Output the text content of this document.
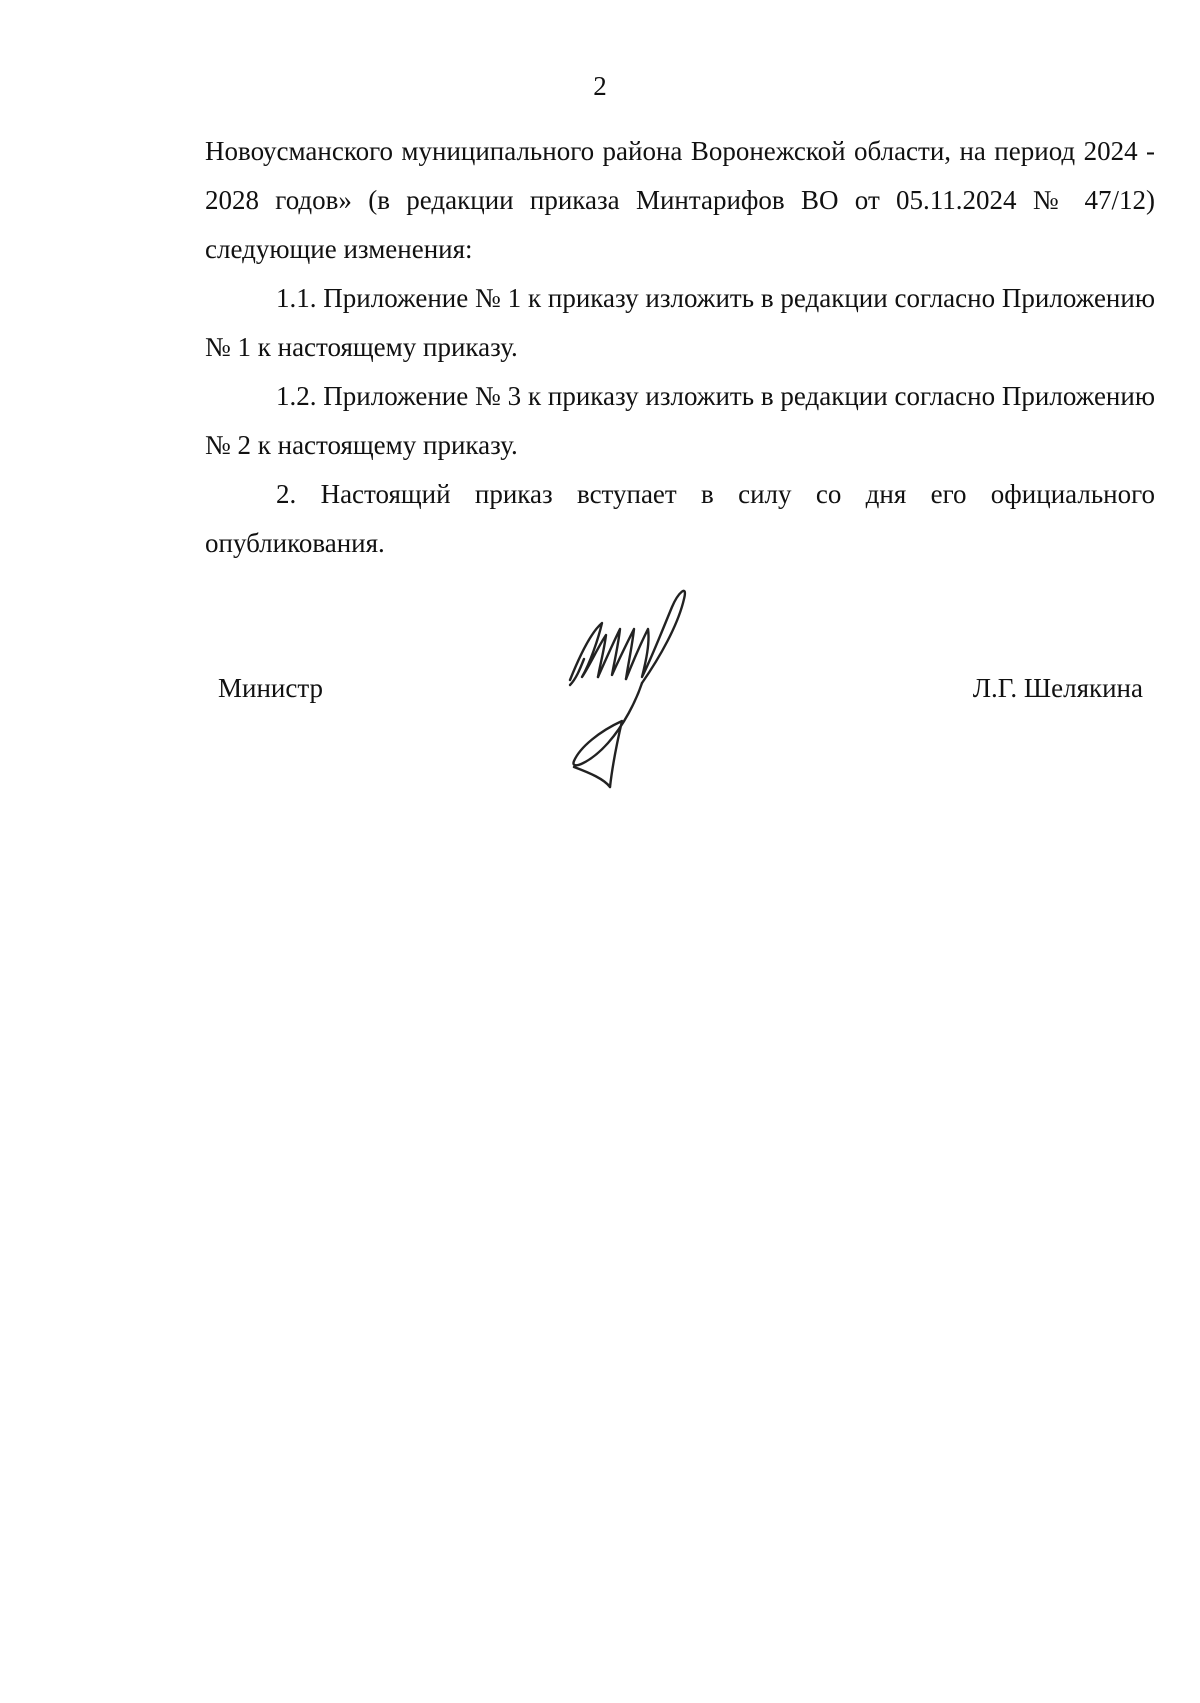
2

Новоусманского муниципального района Воронежской области, на период 2024 - 2028 годов» (в редакции приказа Минтарифов ВО от 05.11.2024 № 47/12) следующие изменения:

1.1. Приложение № 1 к приказу изложить в редакции согласно Приложению № 1 к настоящему приказу.

1.2. Приложение № 3 к приказу изложить в редакции согласно Приложению № 2 к настоящему приказу.

2. Настоящий приказ вступает в силу со дня его официального опубликования.

Министр	Л.Г. Шелякина
